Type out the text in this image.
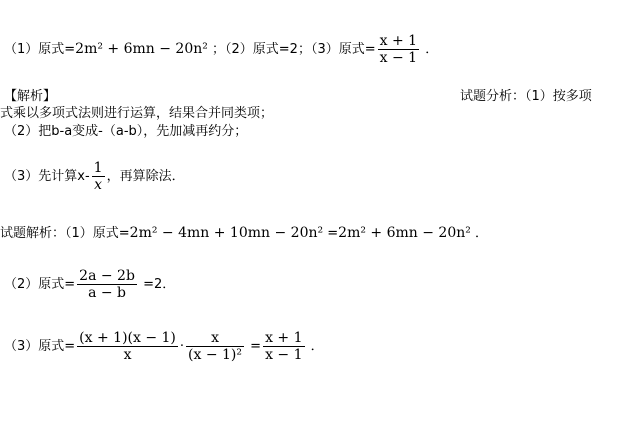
（1）原式=2m² + 6mn − 20n² ；（2）原式=2；（3）原式= $\frac{x + 1}{x - 1}$ ．
【解析】	试题分析：（1）按多项
式乘以多项式法则进行运算，结果合并同类项；
（2）把b-a变成-（a-b），先加减再约分；
（3）先计算$x- \frac{1}{x}$ ，再算除法．
试题解析：（1）原式=2m² − 4mn + 10mn − 20n² =2m² + 6mn − 20n² ．
（2）原式= $\frac{2a - 2b}{a - b} =2$．
（3）原式= $\frac{(x + 1)(x - 1)}{x} \cdot \frac{x}{\text{(x − 1)²}} = \frac{x + 1}{x - 1}$ ．
